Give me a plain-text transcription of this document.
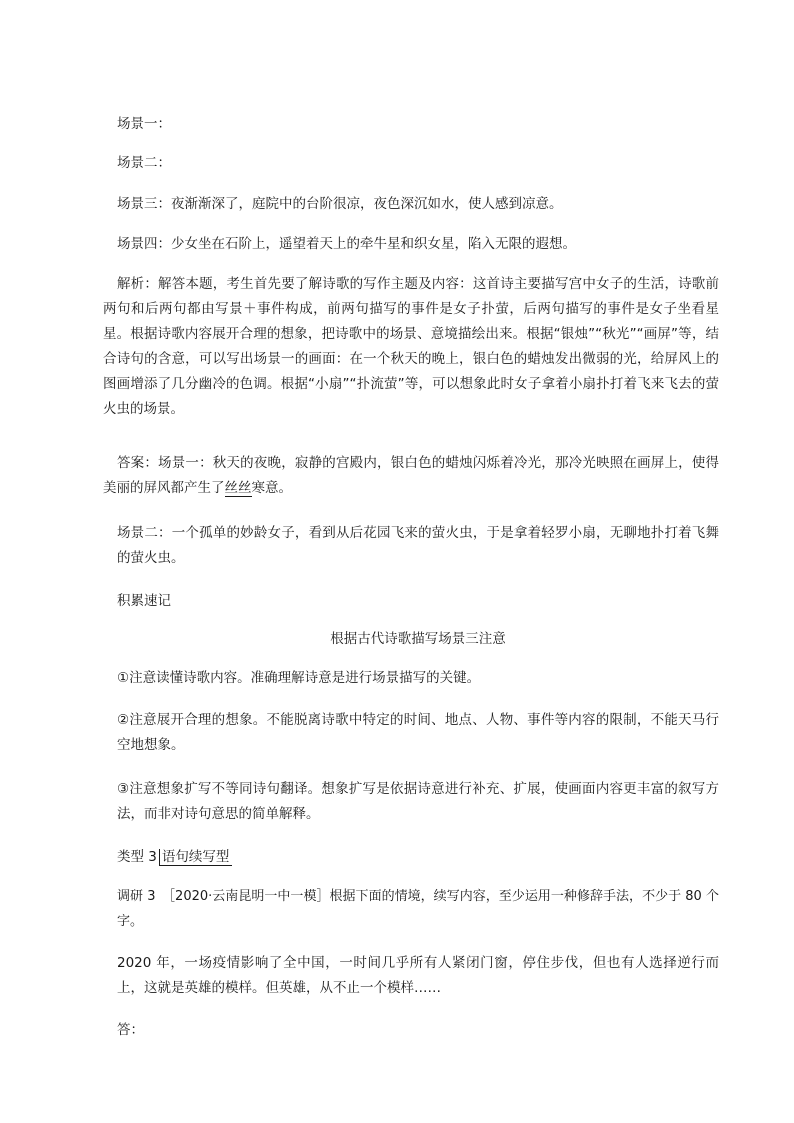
场景一：

场景二：

场景三：夜渐渐深了，庭院中的台阶很凉，夜色深沉如水，使人感到凉意。

场景四：少女坐在石阶上，遥望着天上的牵牛星和织女星，陷入无限的遐想。

解析：解答本题，考生首先要了解诗歌的写作主题及内容：这首诗主要描写宫中女子的生活，诗歌前两句和后两句都由写景＋事件构成，前两句描写的事件是女子扑萤，后两句描写的事件是女子坐看星星。根据诗歌内容展开合理的想象，把诗歌中的场景、意境描绘出来。根据“银烛”“秋光”“画屏”等，结合诗句的含意，可以写出场景一的画面：在一个秋天的晚上，银白色的蜡烛发出微弱的光，给屏风上的图画增添了几分幽冷的色调。根据“小扇”“扑流萤”等，可以想象此时女子拿着小扇扑打着飞来飞去的萤火虫的场景。

答案：场景一：秋天的夜晚，寂静的宫殿内，银白色的蜡烛闪烁着冷光，那冷光映照在画屏上，使得美丽的屏风都产生了丝丝寒意。

场景二：一个孤单的妙龄女子，看到从后花园飞来的萤火虫，于是拿着轻罗小扇，无聊地扑打着飞舞的萤火虫。

积累速记

根据古代诗歌描写场景三注意

①注意读懂诗歌内容。准确理解诗意是进行场景描写的关键。

②注意展开合理的想象。不能脱离诗歌中特定的时间、地点、人物、事件等内容的限制，不能天马行空地想象。

③注意想象扩写不等同诗句翻译。想象扩写是依据诗意进行补充、扩展，使画面内容更丰富的叙写方法，而非对诗句意思的简单解释。

类型 3 语句续写型

调研 3　［2020·云南昆明一中一模］根据下面的情境，续写内容，至少运用一种修辞手法，不少于 80 个字。

2020 年，一场疫情影响了全中国，一时间几乎所有人紧闭门窗，停住步伐，但也有人选择逆行而上，这就是英雄的模样。但英雄，从不止一个模样……

答：
